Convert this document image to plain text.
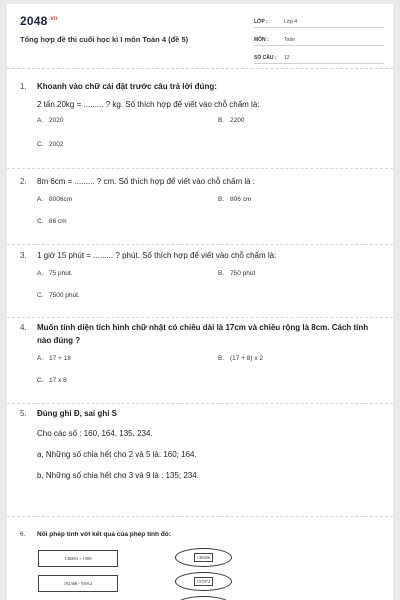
$2048^{.vn}$
Tổng hợp đề thi cuối học kì I môn Toán 4 (đề 5)
LỚP :	Lớp 4
MÔN :	Toán
SỐ CÂU :	12
1.	Khoanh vào chữ cái đặt trước câu trả lời đúng:
2 tấn 20kg = ......... ? kg. Số thích hợp để viết vào chỗ chấm là:
A. 2020	B. 2200
C. 2002
2.	8m 6cm = ......... ? cm. Số thích hợp để viết vào chỗ chấm là :
A. 8006cm	B. 806 cm
C. 86 cm
3.	1 giờ 15 phút = ......... ? phút. Số thích hợp để viết vào chỗ chấm là:
A. 75 phút.	B. 750 phút
C. 7500 phút.
4.	Muốn tính diện tích hình chữ nhật có chiều dài là 17cm và chiều rộng là 8cm. Cách tính nào đúng ?
A. 17 + 18	B. (17 + 8) x 2
C. 17 x 8
5.	Đúng ghi Đ, sai ghi S
Cho các số : 160, 164, 135, 234.
a, Những số chia hết cho 2 và 5 là: 160; 164.
b, Những số chia hết cho 3 và 9 là : 135; 234.
6.	Nối phép tính với kết quả của phép tính đó:
138283 + 1589
192368 - 53912
138456
157872
